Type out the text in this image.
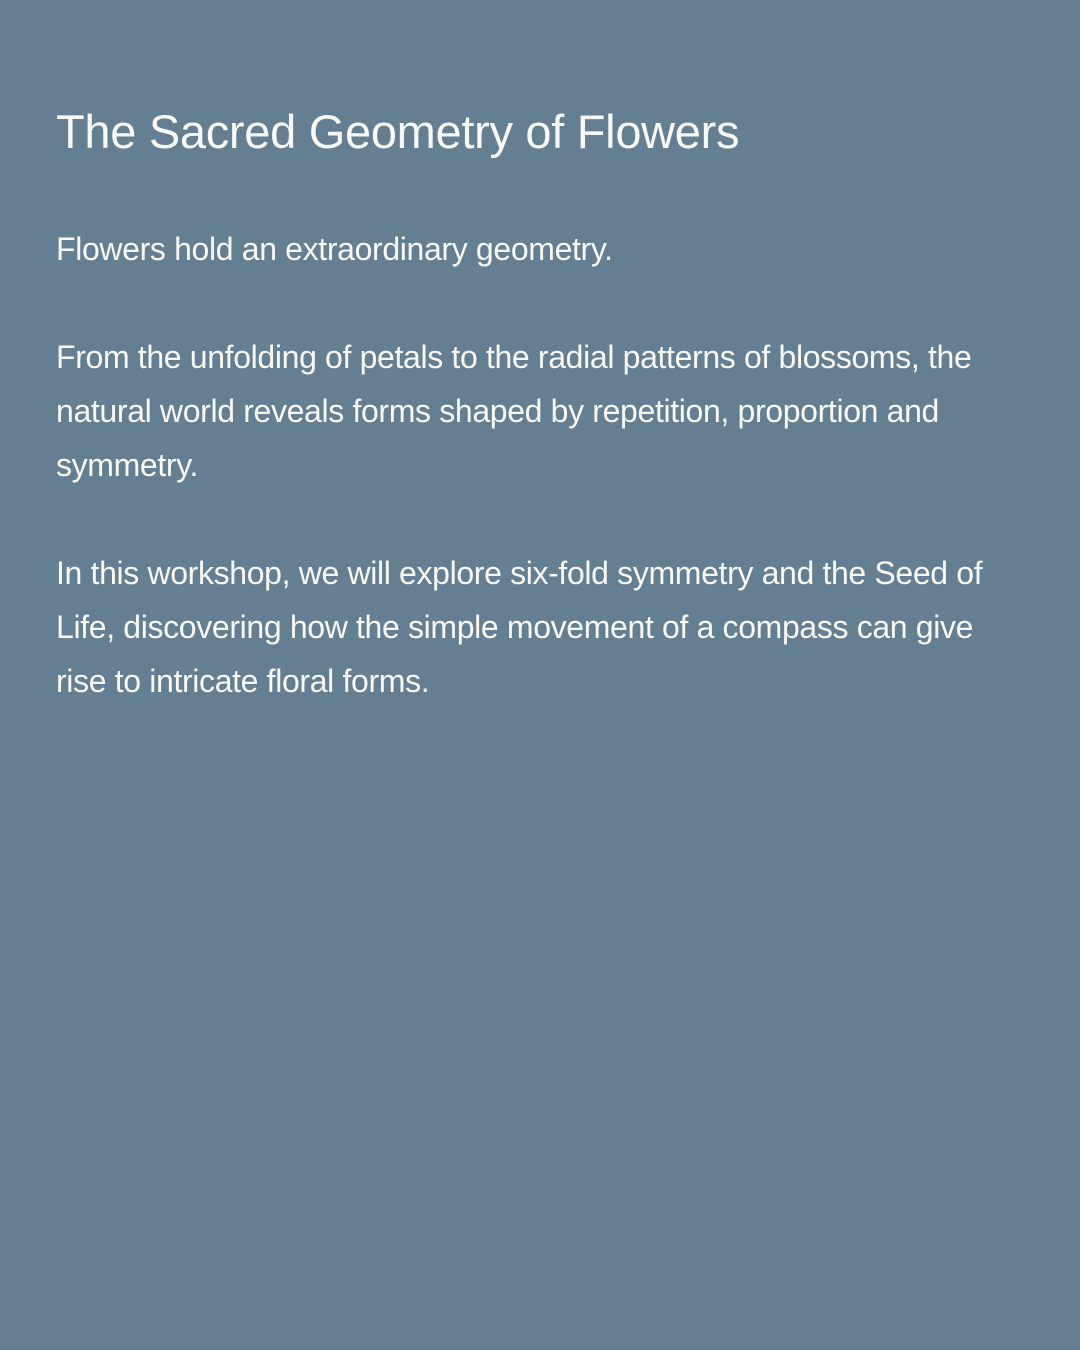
The Sacred Geometry of Flowers

Flowers hold an extraordinary geometry.

From the unfolding of petals to the radial patterns of blossoms, the natural world reveals forms shaped by repetition, proportion and symmetry.

In this workshop, we will explore six-fold symmetry and the Seed of Life, discovering how the simple movement of a compass can give rise to intricate floral forms.
